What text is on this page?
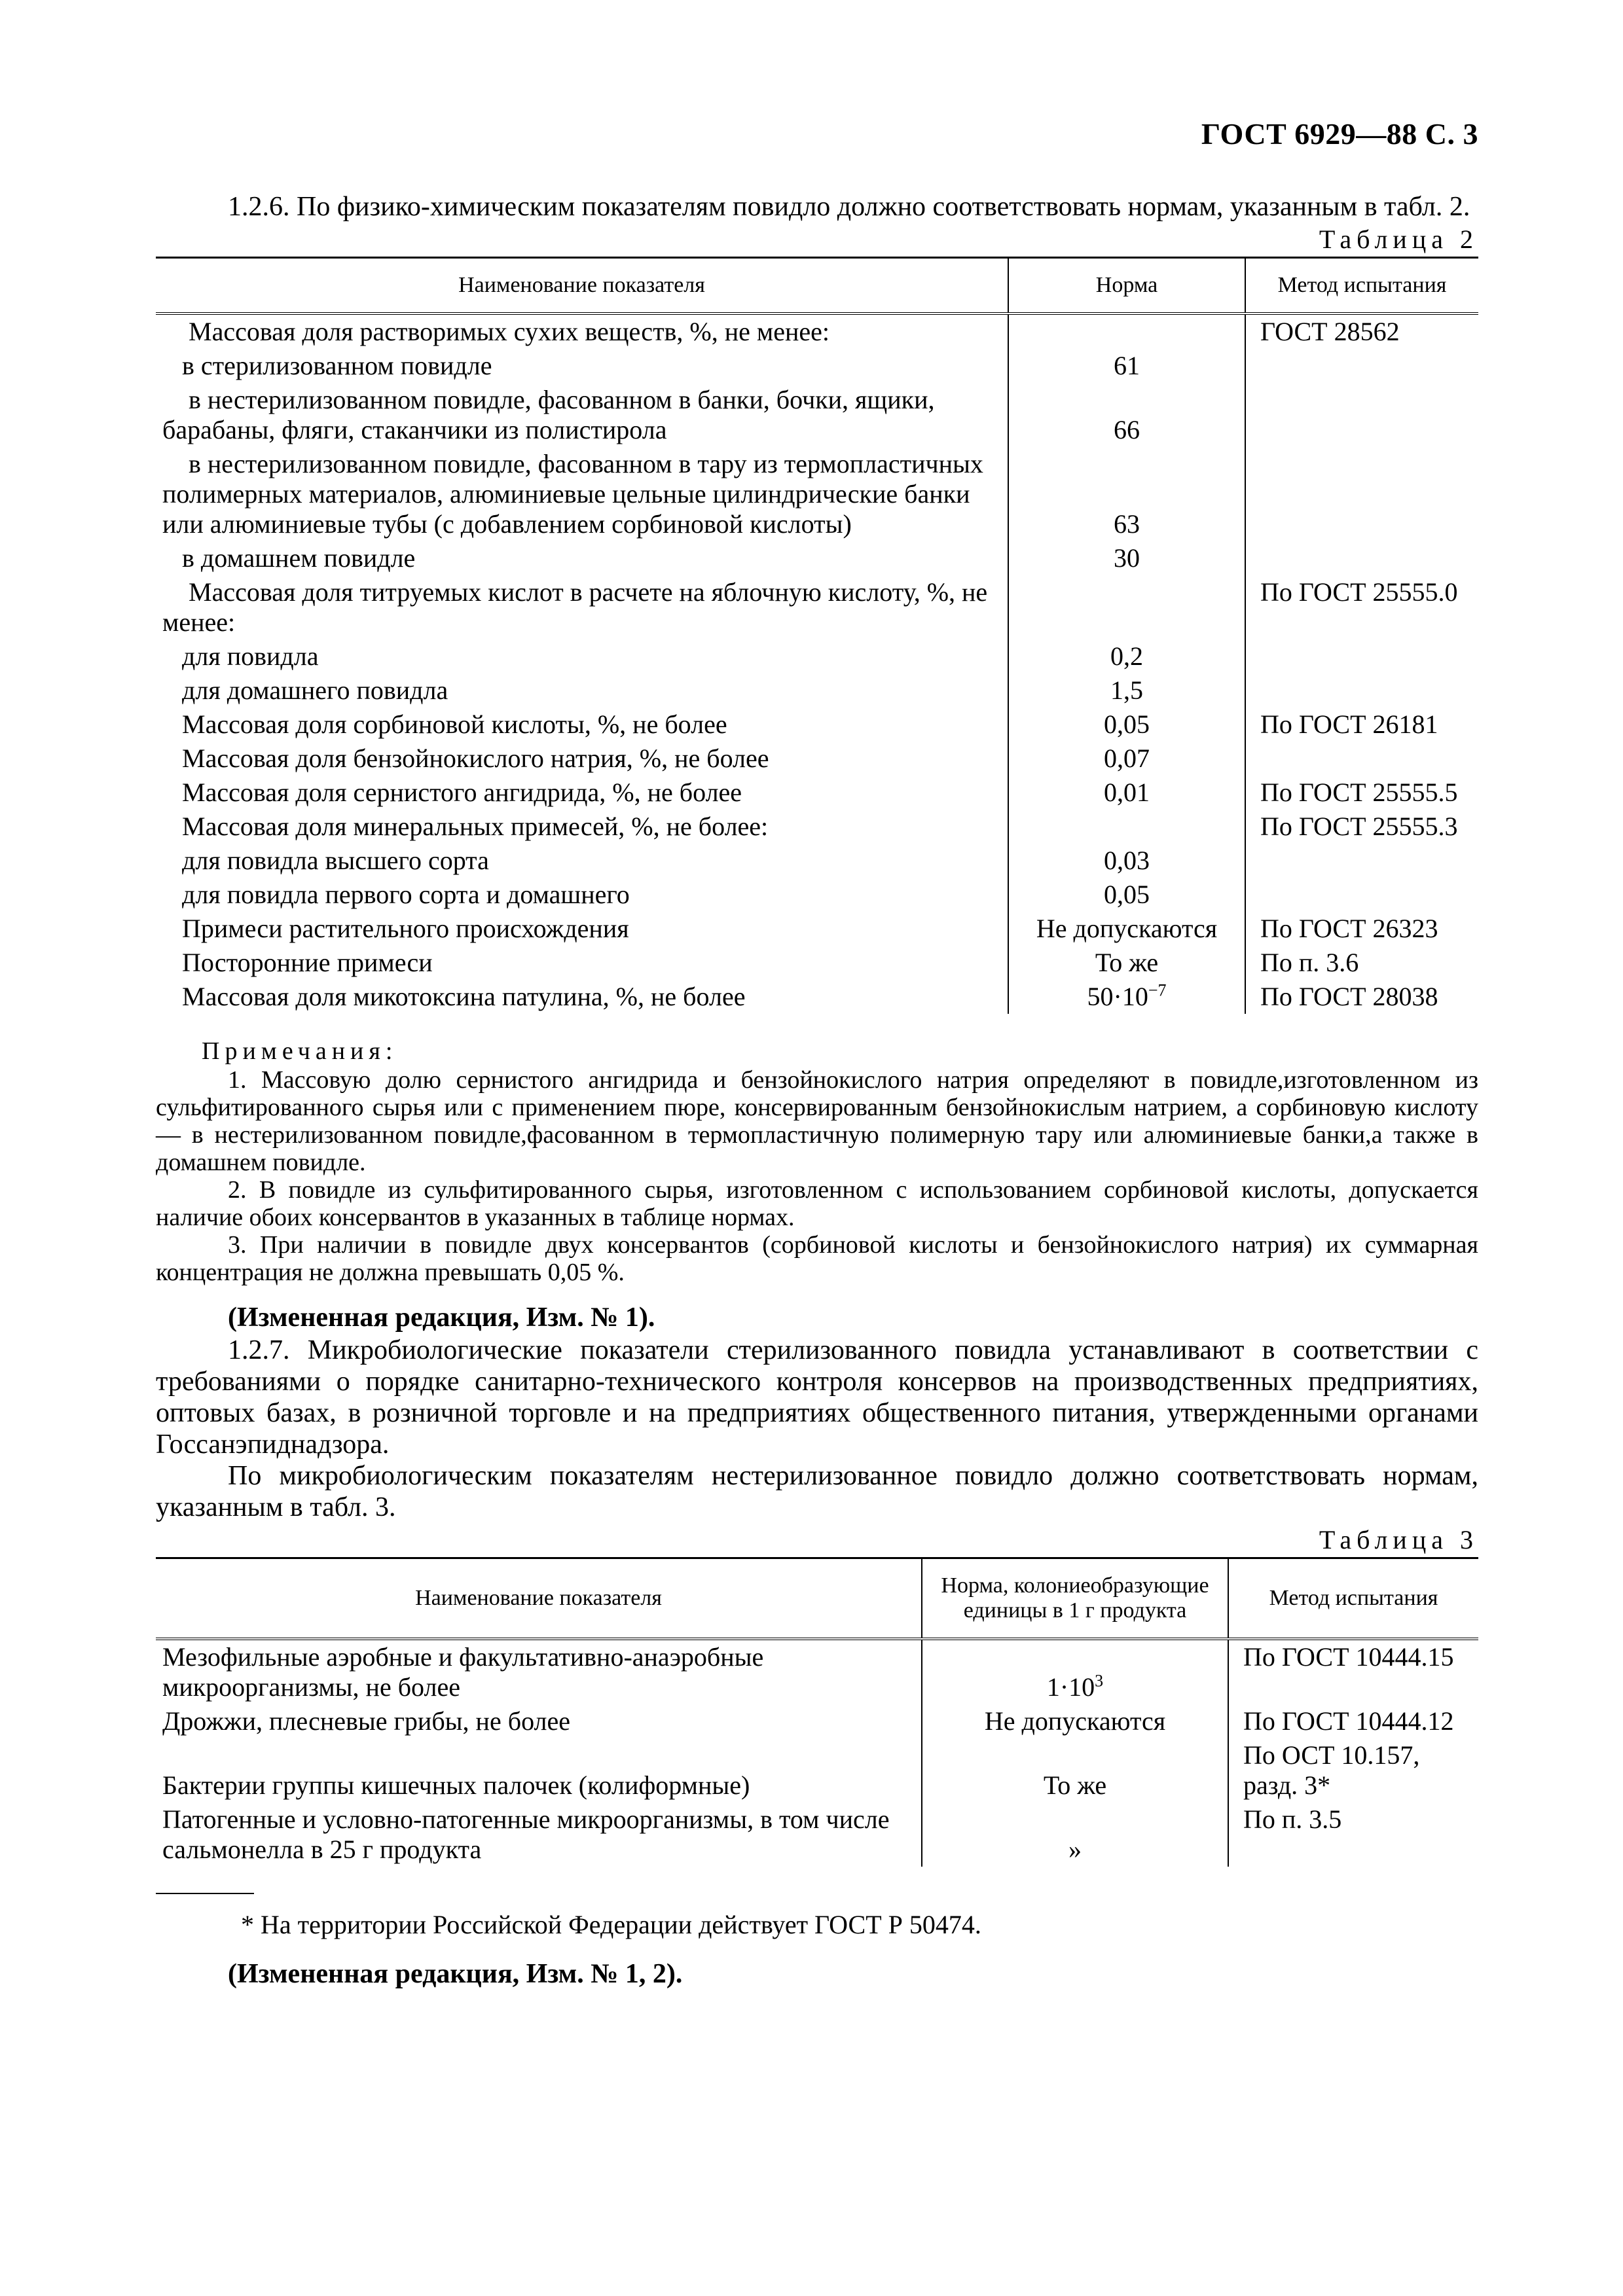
ГОСТ 6929—88 С. 3

1.2.6. По физико-химическим показателям повидло должно соответствовать нормам, указанным в табл. 2.

Таблица 2
Наименование показателя	Норма	Метод испытания
Массовая доля растворимых сухих веществ, %, не менее:		ГОСТ 28562
в стерилизованном повидле	61	
в нестерилизованном повидле, фасованном в банки, бочки, ящики, барабаны, фляги, стаканчики из полистирола	66	
в нестерилизованном повидле, фасованном в тару из термопластичных полимерных материалов, алюминиевые цельные цилиндрические банки или алюминиевые тубы (с добавлением сорбиновой кислоты)	63	
в домашнем повидле	30	
Массовая доля титруемых кислот в расчете на яблочную кислоту, %, не менее:		По ГОСТ 25555.0
для повидла	0,2	
для домашнего повидла	1,5	
Массовая доля сорбиновой кислоты, %, не более	0,05	По ГОСТ 26181
Массовая доля бензойнокислого натрия, %, не более	0,07	
Массовая доля сернистого ангидрида, %, не более	0,01	По ГОСТ 25555.5
Массовая доля минеральных примесей, %, не более:		По ГОСТ 25555.3
для повидла высшего сорта	0,03	
для повидла первого сорта и домашнего	0,05	
Примеси растительного происхождения	Не допускаются	По ГОСТ 26323
Посторонние примеси	То же	По п. 3.6
Массовая доля микотоксина патулина, %, не более	$50\cdot 10^{-7}$	По ГОСТ 28038
Примечания:

1. Массовую долю сернистого ангидрида и бензойнокислого натрия определяют в повидле,изготовленном из сульфитированного сырья или с применением пюре, консервированным бензойнокислым натрием, а сорбиновую кислоту — в нестерилизованном повидле,фасованном в термопластичную полимерную тару или алюминиевые банки,а также в домашнем повидле.

2. В повидле из сульфитированного сырья, изготовленном с использованием сорбиновой кислоты, допускается наличие обоих консервантов в указанных в таблице нормах.

3. При наличии в повидле двух консервантов (сорбиновой кислоты и бензойнокислого натрия) их суммарная концентрация не должна превышать 0,05 %.

(Измененная редакция, Изм. № 1).

1.2.7. Микробиологические показатели стерилизованного повидла устанавливают в соответствии с требованиями о порядке санитарно-технического контроля консервов на производственных предприятиях, оптовых базах, в розничной торговле и на предприятиях общественного питания, утвержденными органами Госсанэпиднадзора.

По микробиологическим показателям нестерилизованное повидло должно соответствовать нормам, указанным в табл. 3.

Таблица 3
Наименование показателя	Норма, колониеобразующие единицы в 1 г продукта	Метод испытания
Мезофильные аэробные и факультативно-анаэробные микроорганизмы, не более	$1\cdot 10^3$	По ГОСТ 10444.15
Дрожжи, плесневые грибы, не более	Не допускаются	По ГОСТ 10444.12
Бактерии группы кишечных палочек (колиформные)	То же	По ОСТ 10.157, разд. 3*
Патогенные и условно-патогенные микроорганизмы, в том числе сальмонелла в 25 г продукта	»	По п. 3.5
* На территории Российской Федерации действует ГОСТ Р 50474.
(Измененная редакция, Изм. № 1, 2).
